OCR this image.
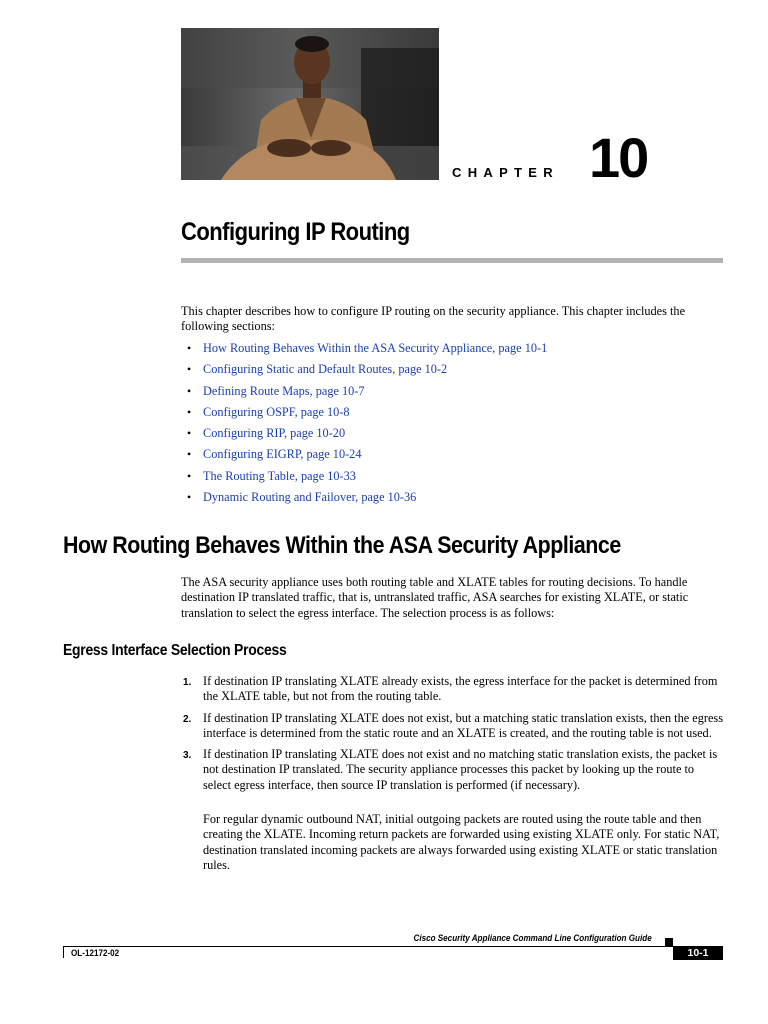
CHAPTER 10
Configuring IP Routing

This chapter describes how to configure IP routing on the security appliance. This chapter includes the following sections:

• How Routing Behaves Within the ASA Security Appliance, page 10-1
• Configuring Static and Default Routes, page 10-2
• Defining Route Maps, page 10-7
• Configuring OSPF, page 10-8
• Configuring RIP, page 10-20
• Configuring EIGRP, page 10-24
• The Routing Table, page 10-33
• Dynamic Routing and Failover, page 10-36
How Routing Behaves Within the ASA Security Appliance

The ASA security appliance uses both routing table and XLATE tables for routing decisions. To handle destination IP translated traffic, that is, untranslated traffic, ASA searches for existing XLATE, or static translation to select the egress interface. The selection process is as follows:

Egress Interface Selection Process
1. If destination IP translating XLATE already exists, the egress interface for the packet is determined from the XLATE table, but not from the routing table.
2. If destination IP translating XLATE does not exist, but a matching static translation exists, then the egress interface is determined from the static route and an XLATE is created, and the routing table is not used.
3. If destination IP translating XLATE does not exist and no matching static translation exists, the packet is not destination IP translated. The security appliance processes this packet by looking up the route to select egress interface, then source IP translation is performed (if necessary).

For regular dynamic outbound NAT, initial outgoing packets are routed using the route table and then creating the XLATE. Incoming return packets are forwarded using existing XLATE only. For static NAT, destination translated incoming packets are always forwarded using existing XLATE or static translation rules.

Cisco Security Appliance Command Line Configuration Guide
OL-12172-02	10-1
